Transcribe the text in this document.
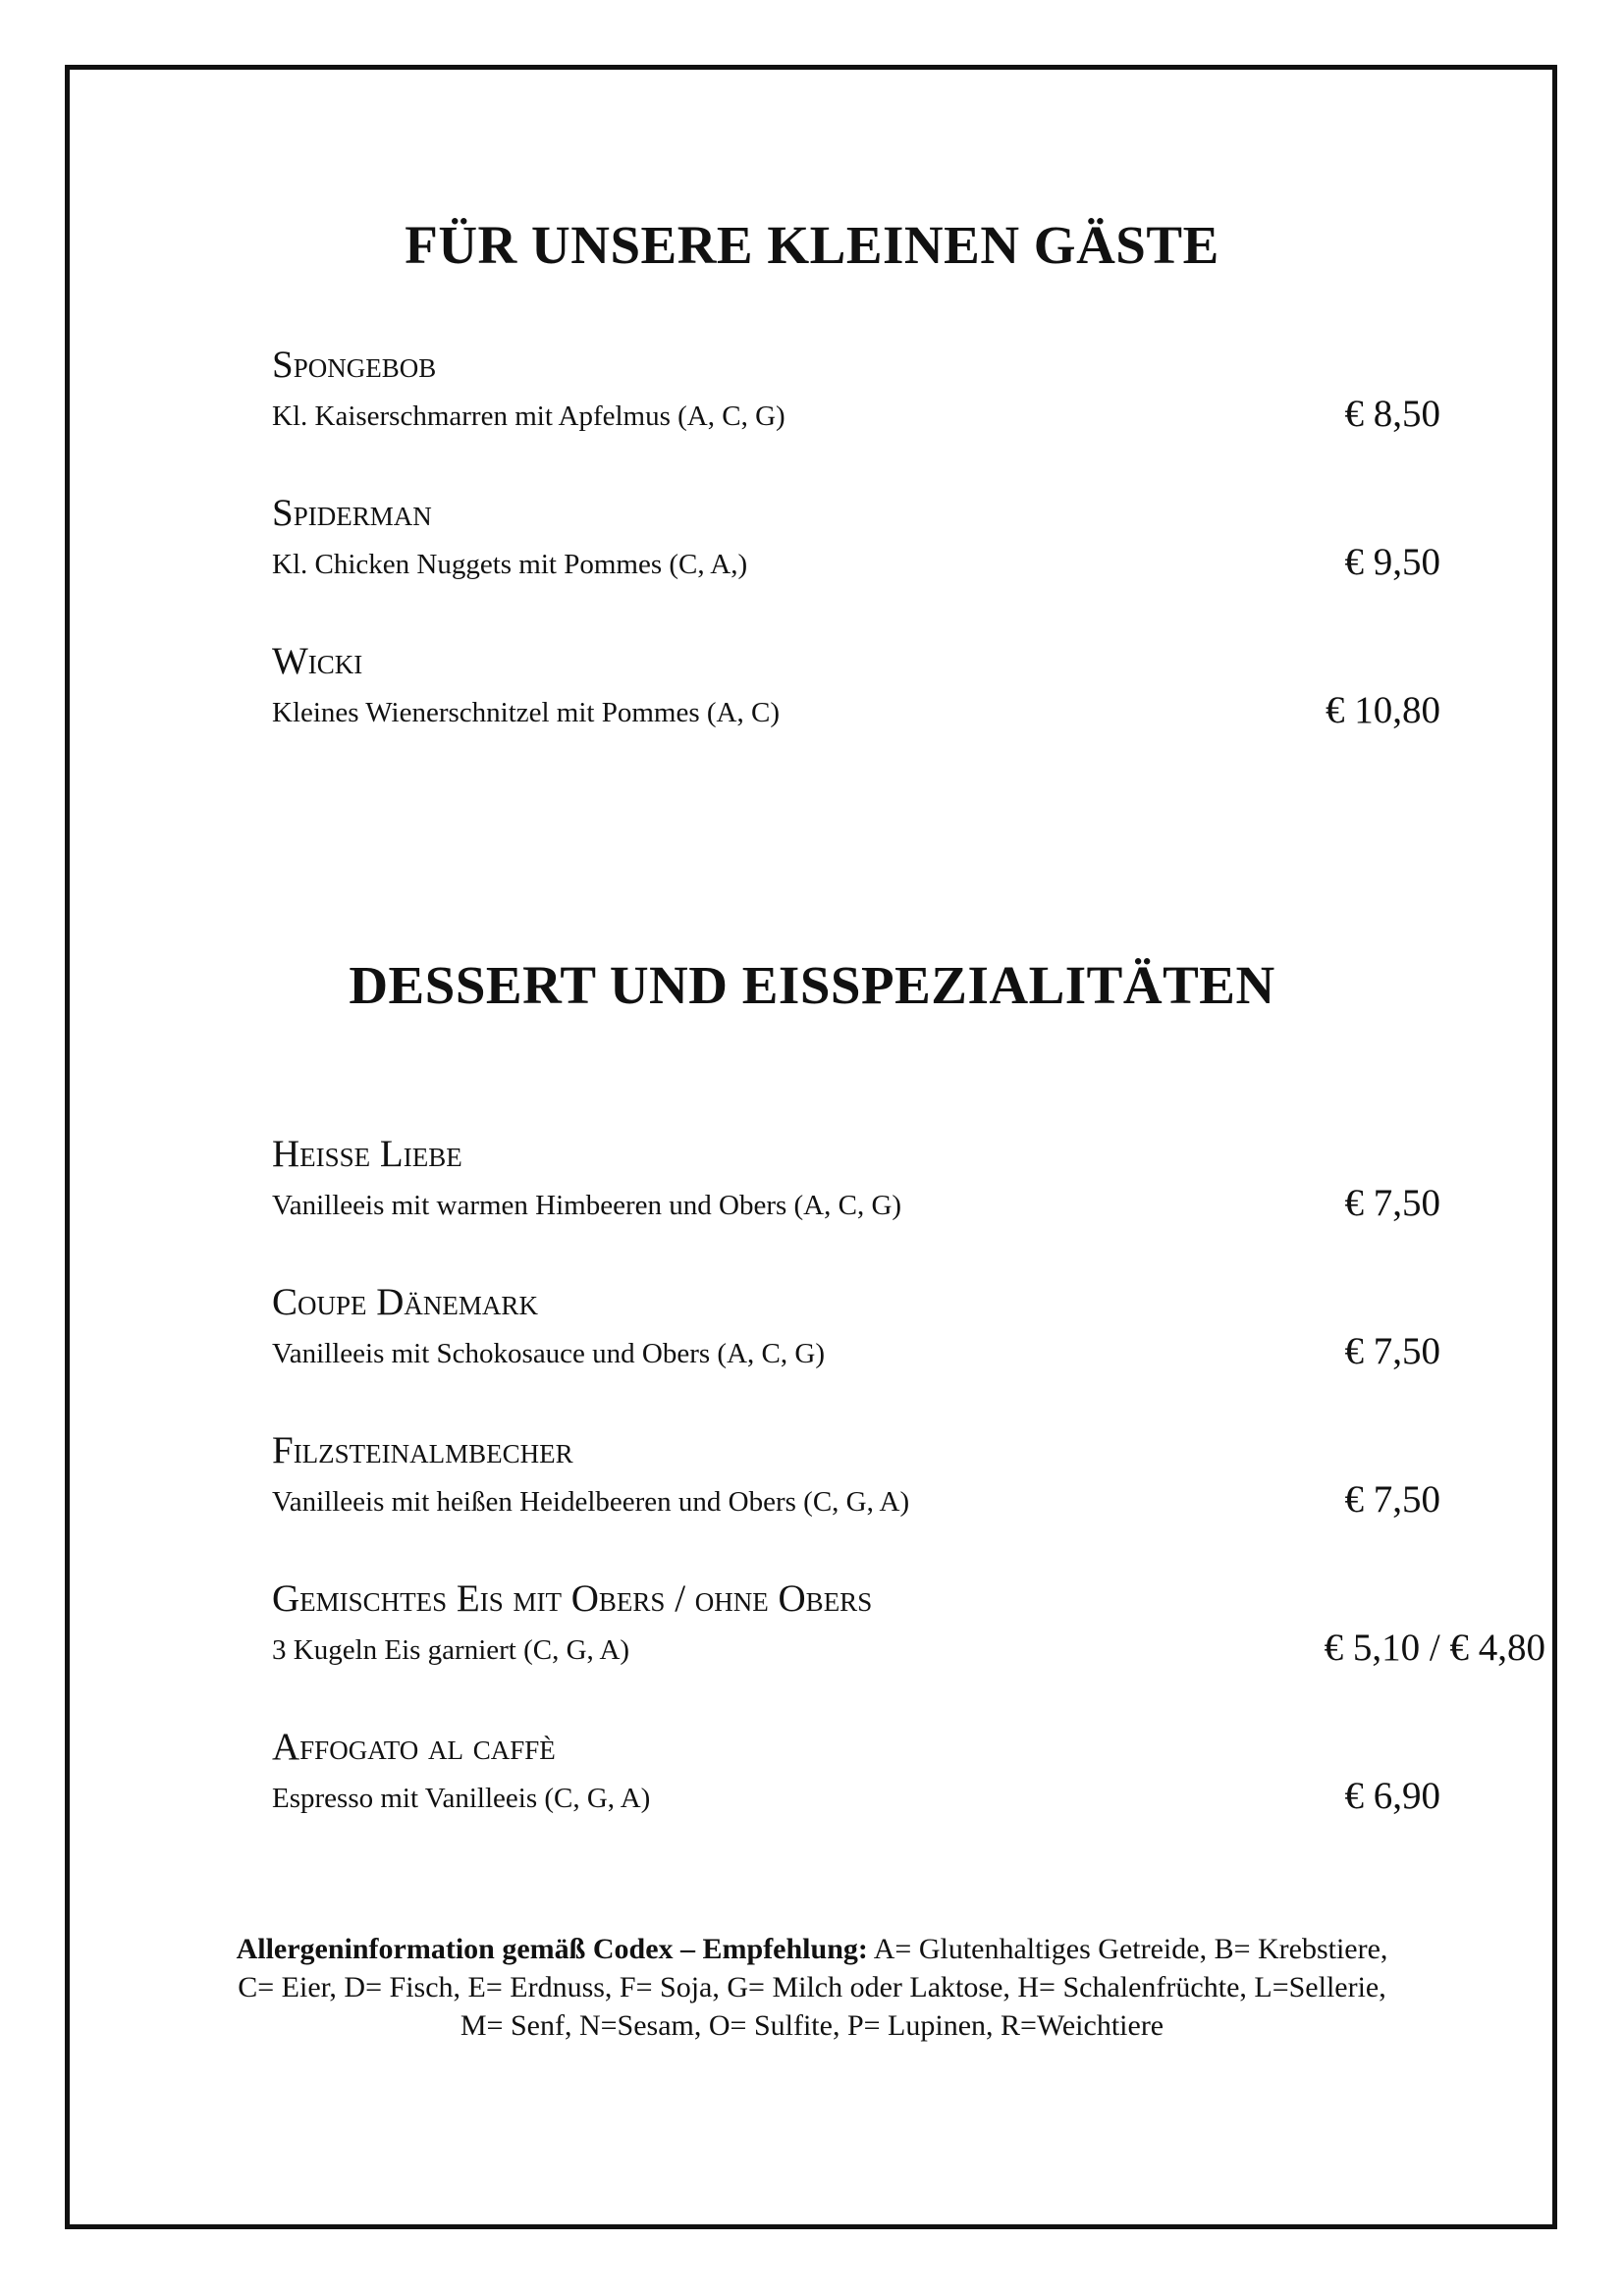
FÜR UNSERE KLEINEN GÄSTE
Spongebob
Kl. Kaiserschmarren mit Apfelmus (A, C, G)	€ 8,50
Spiderman
Kl. Chicken Nuggets mit Pommes (C, A,)	€ 9,50
Wicki
Kleines Wienerschnitzel mit Pommes (A, C)	€ 10,80
DESSERT UND EISSPEZIALITÄTEN
Heiße Liebe
Vanilleeis mit warmen Himbeeren und Obers (A, C, G)	€ 7,50
Coupe Dänemark
Vanilleeis mit Schokosauce und Obers (A, C, G)	€ 7,50
Filzsteinalmbecher
Vanilleeis mit heißen Heidelbeeren und Obers (C, G, A)	€ 7,50
Gemischtes Eis mit Obers / ohne Obers
3 Kugeln Eis garniert (C, G, A)	€ 5,10 / € 4,80
Affogato al caffè
Espresso mit Vanilleeis (C, G, A)	€ 6,90

Allergeninformation gemäß Codex – Empfehlung: A= Glutenhaltiges Getreide, B= Krebstiere, C= Eier, D= Fisch, E= Erdnuss, F= Soja, G= Milch oder Laktose, H= Schalenfrüchte, L=Sellerie, M= Senf, N=Sesam, O= Sulfite, P= Lupinen, R=Weichtiere
